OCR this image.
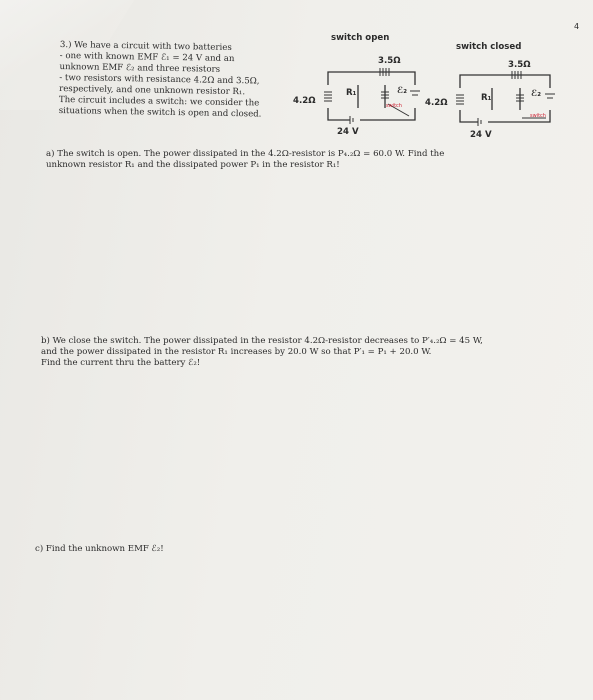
4
3.) We have a circuit with two batteries
- one with known EMF ℰ₁ = 24 V and an
unknown EMF ℰ₂ and three resistors
- two resistors with resistance 4.2Ω and 3.5Ω,
respectively, and one unknown resistor R₁.
The circuit includes a switch: we consider the
situations when the switch is open and closed.
switch open
3.5Ω
4.2Ω
R₁	ℰ₂
switch
24 V
switch closed
3.5Ω
4.2Ω	R₁	ℰ₂
switch
24 V
a) The switch is open. The power dissipated in the 4.2Ω-resistor is P₄.₂Ω = 60.0 W. Find the
unknown resistor R₁ and the dissipated power P₁ in the resistor R₁!
b) We close the switch. The power dissipated in the resistor 4.2Ω-resistor decreases to P′₄.₂Ω = 45 W,
and the power dissipated in the resistor R₁ increases by 20.0 W so that P′₁ = P₁ + 20.0 W.
Find the current thru the battery ℰ₂!
c) Find the unknown EMF ℰ₂!
